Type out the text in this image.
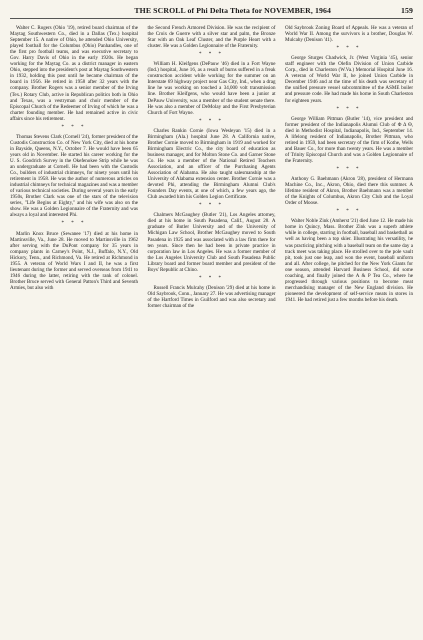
THE SCROLL of Phi Delta Theta for NOVEMBER, 1964	159

Walter C. Rogers (Ohio '19), retired board chairman of the Maytag Southwestern Co., died in a Dallas (Tex.) hospital September 15. A native of Ohio, he attended Ohio University, played football for the Columbus (Ohio) Panhandles, one of the first pro football teams, and was executive secretary to Gov. Harry Davis of Ohio in the early 1920s. He began working for the Maytag Co. as a district manager in eastern Ohio, stepped into the president's post at Maytag Southwestern in 1932, holding this post until he became chairman of the board in 1956. He retired in 1958 after 32 years with the company. Brother Rogers was a senior member of the Irving (Tex.) Rotary Club, active in Republican politics both in Ohio and Texas, was a vestryman and choir member of the Episcopal Church of the Redeemer of Irving of which he was a charter founding member. He had remained active in civic affairs since his retirement.

* * *

Thomas Stevens Clark (Cornell '24), former president of the Custodis Construction Co. of New York City, died at his home in Bayside, Queens, N.Y., October 7. He would have been 65 years old in November. He started his career working for the U. S. Goodrich Survey in the Okefenokee Strip while he was an undergraduate at Cornell. He had been with the Custodis Co., builders of industrial chimneys, for ninety years until his retirement in 1958. He was the author of numerous articles on industrial chimneys for technical magazines and was a member of various technical societies. During several years in the early 1950s, Brother Clark was one of the stars of the television series, "Life Begins at Eighty," and his wife was also on the show. He was a Golden Legionnaire of the Fraternity and was always a loyal and interested Phi.

* * *

Marlin Knox Bruce (Sewanee '17) died at his home in Martinsville, Va., June 28. He moved to Martinsville in 1962 after serving with the DuPont company for 35 years in company plants in Carney's Point, N.J., Buffalo, N.Y., Old Hickory, Tenn., and Richmond, Va. He retired at Richmond in 1955. A veteran of World Wars I and II, he was a first lieutenant during the former and served overseas from 1941 to 1946 during the latter, retiring with the rank of colonel. Brother Bruce served with General Patton's Third and Seventh Armies, but also with

the Second French Armored Division. He was the recipient of the Croix de Guerre with a silver star and palm, the Bronze Star with an Oak Leaf Cluster, and the Purple Heart with a cluster. He was a Golden Legionnaire of the Fraternity.

* * *

William H. Kleifgens (DePauw '46) died in a Fort Wayne (Ind.) hospital, June 16, as a result of burns suffered in a freak construction accident while working for the summer on an Interstate 69 highway project near Gas City, Ind., when a drag line he was working on touched a 34,000 volt transmission line. Brother Kleifgens, who would have been a junior at DePauw University, was a member of the student senate there. He was also a member of DeMolay and the First Presbyterian Church of Fort Wayne.

* * *

Charles Rankin Cornie (Iowa Wesleyan '15) died in a Birmingham (Ala.) hospital June 28. A California native, Brother Cornie moved to Birmingham in 1919 and worked for Birmingham Electric Co., the city board of education as business manager, and for Molton Stone Co. and Garner Stone Co. He was a member of the National Retired Teachers Association, and an officer of the Purchasing Agents Association of Alabama. He also taught salesmanship at the University of Alabama extension center. Brother Cornie was a devoted Phi, attending the Birmingham Alumni Club's Founders Day events, at one of which, a few years ago, the Club awarded him his Golden Legion Certificate.

* * *

Chalmers McGaughey (Butler '21), Los Angeles attorney, died at his home in South Pasadena, Calif., August 28. A graduate of Butler University and of the University of Michigan Law School, Brother McGaughey moved to South Pasadena in 1925 and was associated with a law firm there for ten years. Since then he had been in private practice in corporation law in Los Angeles. He was a former member of the Los Angeles University Club and South Pasadena Public Library board and former board member and president of the Boys' Republic at Chino.

* * *

Russell Francis Mulcahy (Denison '29) died at his home in Old Saybrook, Conn., January 27. He was advertising manager of the Hartford Times in Guilford and was also secretary and former chairman of the

Old Saybrook Zoning Board of Appeals. He was a veteran of World War II. Among the survivors is a brother, Douglas W. Mulcahy (Denison '41).

* * *

George Sturges Chadwick, Jr. (West Virginia '45), senior staff engineer with the Olefin Division of Union Carbide Corp., died in Charleston (W.Va.) Memorial Hospital June 16. A veteran of World War II, he joined Union Carbide in December 1946 and at the time of his death was secretary of the unified pressure vessel subcommittee of the ASME boiler and pressure code. He had made his home in South Charleston for eighteen years.

* * *

George William Pittman (Butler '14), vice president and former president of the Indianapolis Alumni Club of Φ Δ Θ, died in Methodist Hospital, Indianapolis, Ind., September 14. A lifelong resident of Indianapolis, Brother Pittman, who retired in 1959, had been secretary of the firm of Kothe, Wells and Bauer Co., for more than twenty years. He was a member of Trinity Episcopal Church and was a Golden Legionnaire of the Fraternity.

* * *

Anthony G. Baehmann (Akron '28), president of Hermann Machine Co., Inc., Akron, Ohio, died there this summer. A lifetime resident of Akron, Brother Baehmann was a member of the Knights of Columbus, Akron City Club and the Loyal Order of Moose.

* * *

Walter Noble Zink (Amherst '21) died June 12. He made his home in Quincy, Mass. Brother Zink was a superb athlete while in college, starring in football, baseball and basketball as well as having been a top skier. Illustrating his versatility, he was practicing pitching with a baseball team on the same day a track meet was taking place. He strolled over to the pole vault pit, took just one leap, and won the event, baseball uniform and all. After college, he pitched for the New York Giants for one season, attended Harvard Business School, did some coaching, and finally joined the A & P Tea Co., where he progressed through various positions to become meat merchandising manager of the New England division. He pioneered the development of self-service meats in stores in 1941. He had retired just a few months before his death.
